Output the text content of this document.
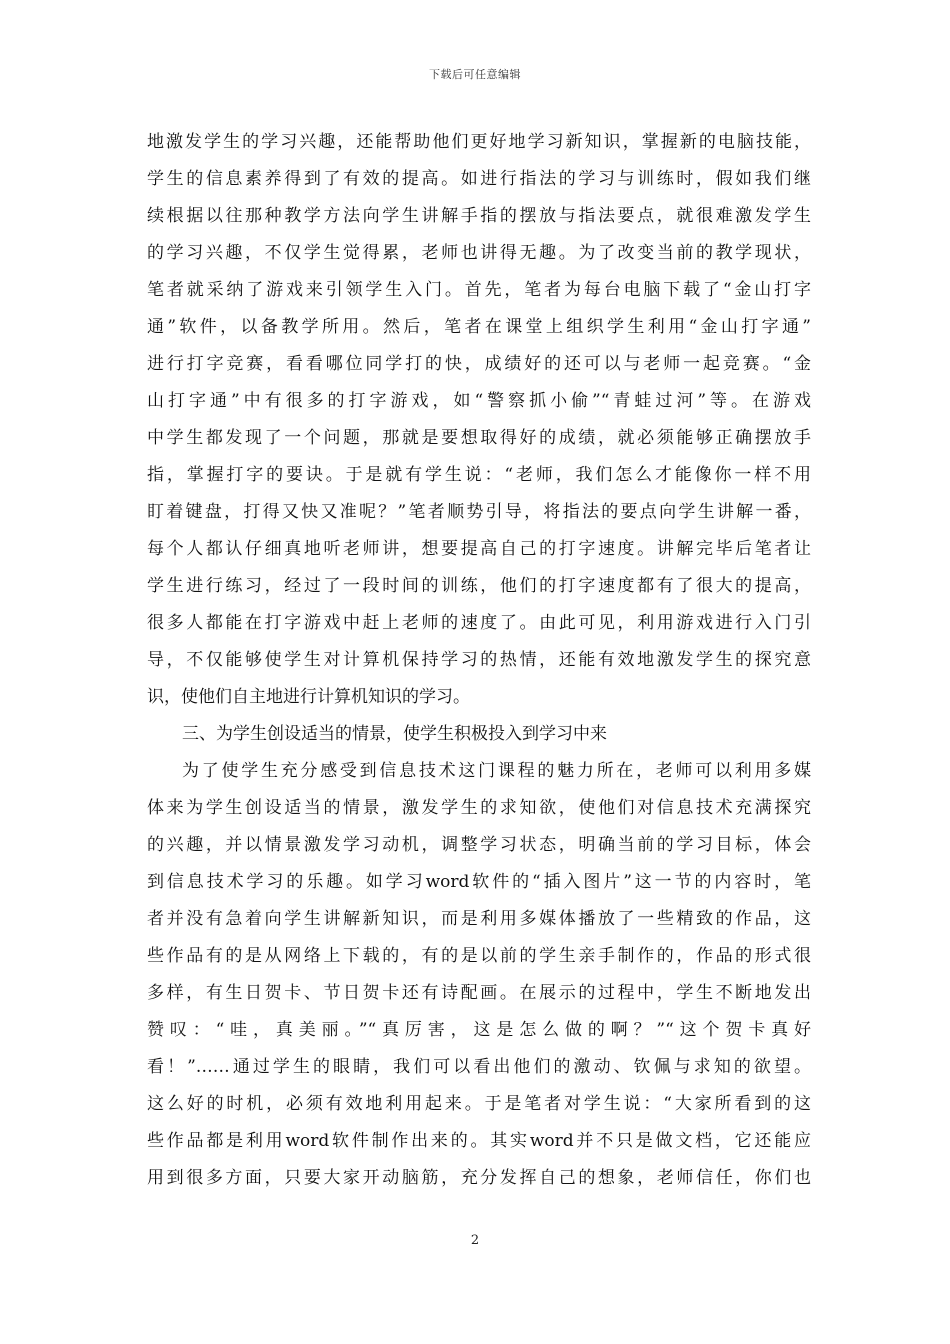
下载后可任意编辑
地激发学生的学习兴趣，还能帮助他们更好地学习新知识，掌握新的电脑技能，
学生的信息素养得到了有效的提高。如进行指法的学习与训练时，假如我们继
续根据以往那种教学方法向学生讲解手指的摆放与指法要点，就很难激发学生
的学习兴趣，不仅学生觉得累，老师也讲得无趣。为了改变当前的教学现状，
笔者就采纳了游戏来引领学生入门。首先，笔者为每台电脑下载了“金山打字
通”软件，以备教学所用。然后，笔者在课堂上组织学生利用“金山打字通”
进行打字竞赛，看看哪位同学打的快，成绩好的还可以与老师一起竞赛。“金
山打字通”中有很多的打字游戏，如“警察抓小偷”“青蛙过河”等。在游戏
中学生都发现了一个问题，那就是要想取得好的成绩，就必须能够正确摆放手
指，掌握打字的要诀。于是就有学生说：“老师，我们怎么才能像你一样不用
盯着键盘，打得又快又准呢？”笔者顺势引导，将指法的要点向学生讲解一番，
每个人都认仔细真地听老师讲，想要提高自己的打字速度。讲解完毕后笔者让
学生进行练习，经过了一段时间的训练，他们的打字速度都有了很大的提高，
很多人都能在打字游戏中赶上老师的速度了。由此可见，利用游戏进行入门引
导，不仅能够使学生对计算机保持学习的热情，还能有效地激发学生的探究意
识，使他们自主地进行计算机知识的学习。
三、为学生创设适当的情景，使学生积极投入到学习中来
为了使学生充分感受到信息技术这门课程的魅力所在，老师可以利用多媒
体来为学生创设适当的情景，激发学生的求知欲，使他们对信息技术充满探究
的兴趣，并以情景激发学习动机，调整学习状态，明确当前的学习目标，体会
到信息技术学习的乐趣。如学习word软件的“插入图片”这一节的内容时，笔
者并没有急着向学生讲解新知识，而是利用多媒体播放了一些精致的作品，这
些作品有的是从网络上下载的，有的是以前的学生亲手制作的，作品的形式很
多样，有生日贺卡、节日贺卡还有诗配画。在展示的过程中，学生不断地发出
赞叹：“哇，真美丽。”“真厉害，这是怎么做的啊？”“这个贺卡真好
看！”……通过学生的眼睛，我们可以看出他们的激动、钦佩与求知的欲望。
这么好的时机，必须有效地利用起来。于是笔者对学生说：“大家所看到的这
些作品都是利用word软件制作出来的。其实word并不只是做文档，它还能应
用到很多方面，只要大家开动脑筋，充分发挥自己的想象，老师信任，你们也
2
